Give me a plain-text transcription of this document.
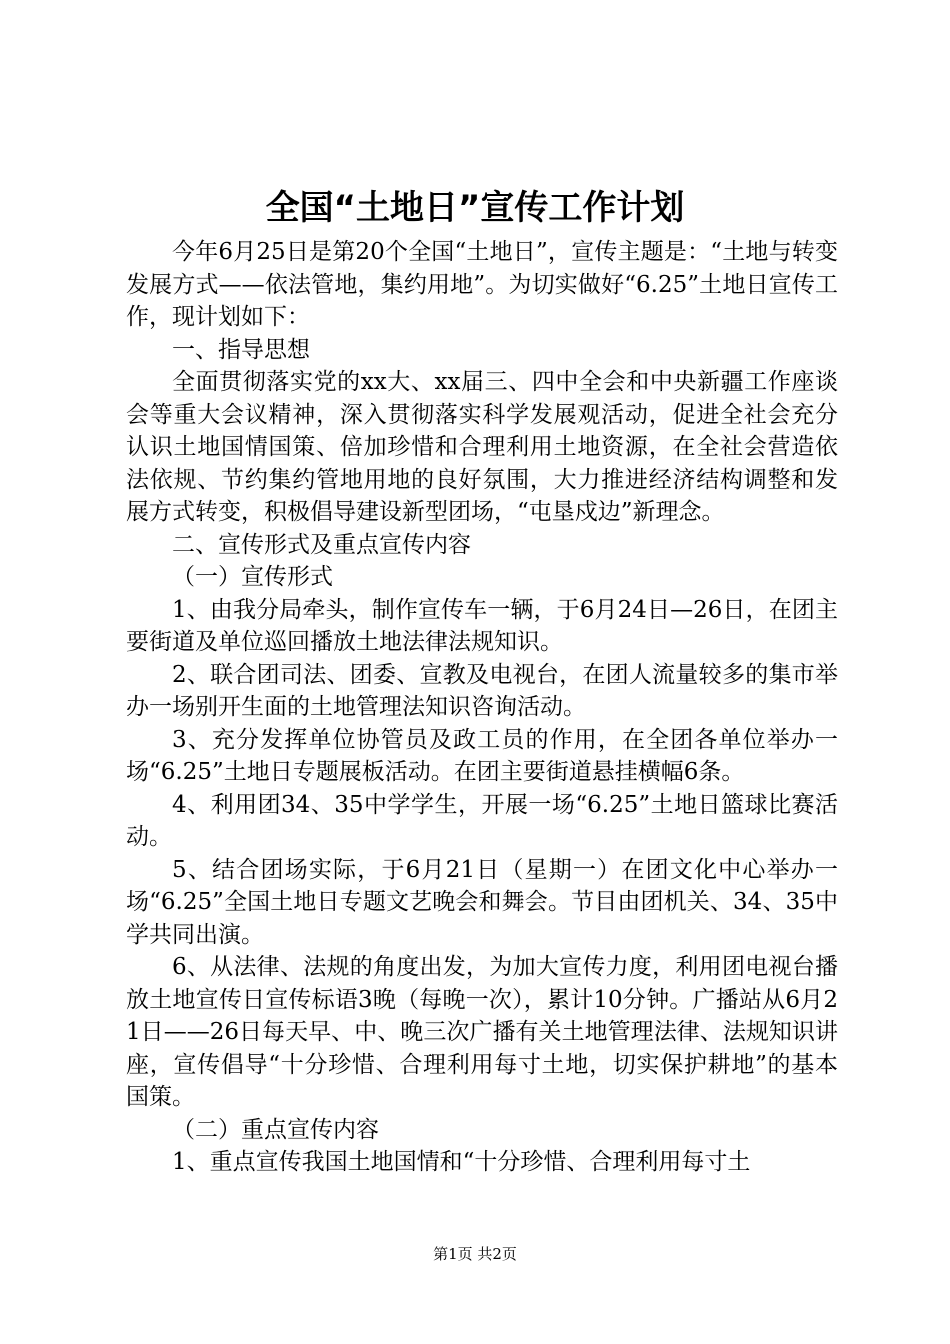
全国“土地日”宣传工作计划

今年6月25日是第20个全国“土地日”，宣传主题是：“土地与转变发展方式——依法管地，集约用地”。为切实做好“6.25”土地日宣传工作，现计划如下：

一、指导思想

全面贯彻落实党的xx大、xx届三、四中全会和中央新疆工作座谈会等重大会议精神，深入贯彻落实科学发展观活动，促进全社会充分认识土地国情国策、倍加珍惜和合理利用土地资源，在全社会营造依法依规、节约集约管地用地的良好氛围，大力推进经济结构调整和发展方式转变，积极倡导建设新型团场，“屯垦戍边”新理念。

二、宣传形式及重点宣传内容

（一）宣传形式

1、由我分局牵头，制作宣传车一辆，于6月24日—26日，在团主要街道及单位巡回播放土地法律法规知识。

2、联合团司法、团委、宣教及电视台，在团人流量较多的集市举办一场别开生面的土地管理法知识咨询活动。

3、充分发挥单位协管员及政工员的作用，在全团各单位举办一场“6.25”土地日专题展板活动。在团主要街道悬挂横幅6条。

4、利用团34、35中学学生，开展一场“6.25”土地日篮球比赛活动。

5、结合团场实际，于6月21日（星期一）在团文化中心举办一场“6.25”全国土地日专题文艺晚会和舞会。节目由团机关、34、35中学共同出演。

6、从法律、法规的角度出发，为加大宣传力度，利用团电视台播放土地宣传日宣传标语3晚（每晚一次），累计10分钟。广播站从6月21日——26日每天早、中、晚三次广播有关土地管理法律、法规知识讲座，宣传倡导“十分珍惜、合理利用每寸土地，切实保护耕地”的基本国策。

（二）重点宣传内容

1、重点宣传我国土地国情和“十分珍惜、合理利用每寸土

第1页 共2页
